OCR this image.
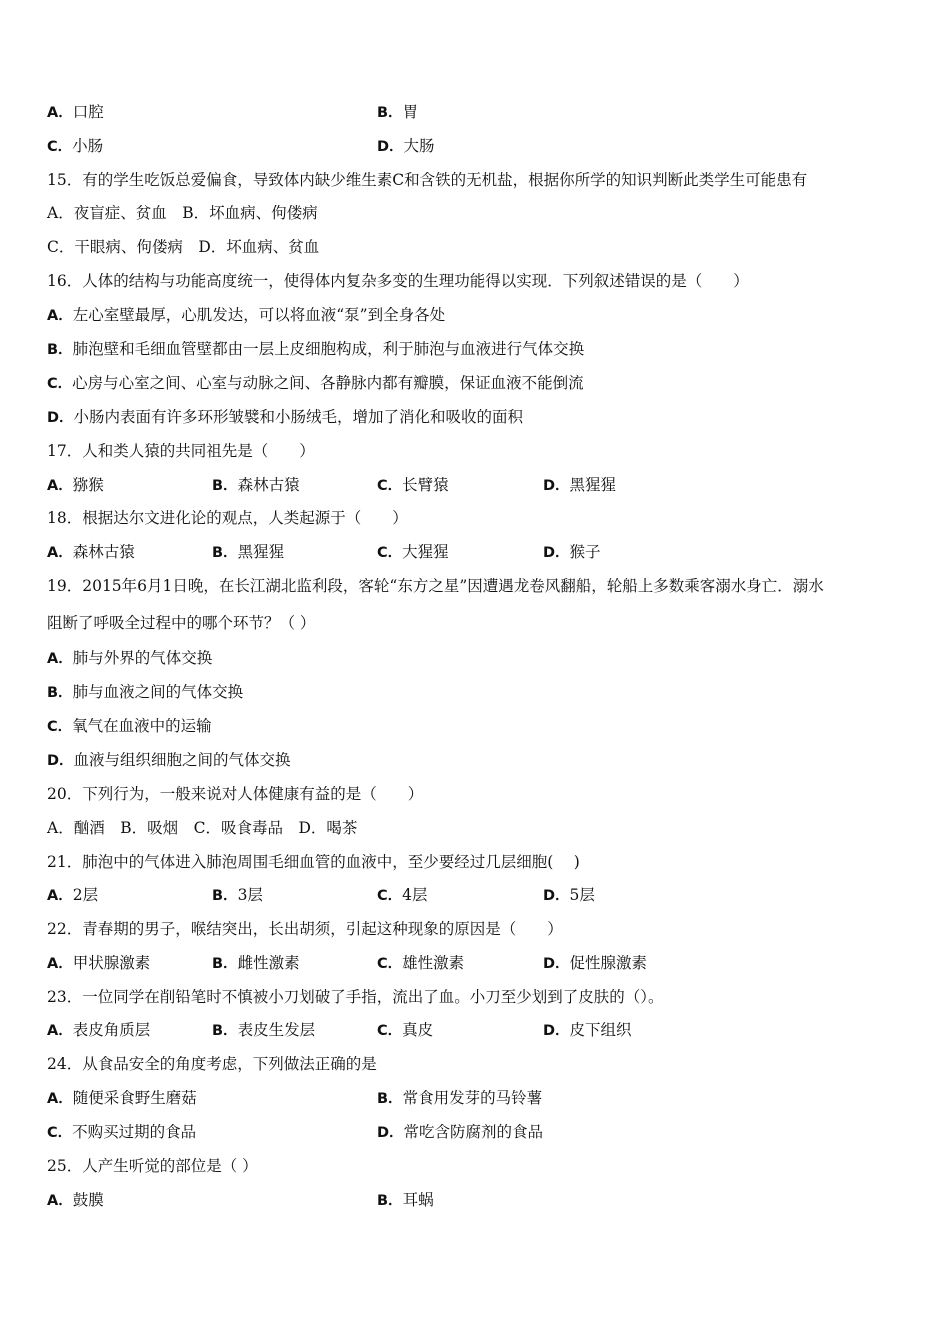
A．口腔	B．胃
C．小肠	D．大肠
15．有的学生吃饭总爱偏食，导致体内缺少维生素C和含铁的无机盐，根据你所学的知识判断此类学生可能患有
A．夜盲症、贫血　B．坏血病、佝偻病
C．干眼病、佝偻病　D．坏血病、贫血
16．人体的结构与功能高度统一，使得体内复杂多变的生理功能得以实现．下列叙述错误的是（　　）
A．左心室壁最厚，心肌发达，可以将血液“泵”到全身各处
B．肺泡壁和毛细血管壁都由一层上皮细胞构成，利于肺泡与血液进行气体交换
C．心房与心室之间、心室与动脉之间、各静脉内都有瓣膜，保证血液不能倒流
D．小肠内表面有许多环形皱襞和小肠绒毛，增加了消化和吸收的面积
17．人和类人猿的共同祖先是（　　）
A．猕猴	B．森林古猿	C．长臂猿	D．黑猩猩
18．根据达尔文进化论的观点，人类起源于（　　）
A．森林古猿	B．黑猩猩	C．大猩猩	D．猴子
19．2015年6月1日晚，在长江湖北监利段，客轮“东方之星”因遭遇龙卷风翻船，轮船上多数乘客溺水身亡．溺水
阻断了呼吸全过程中的哪个环节？（ ）
A．肺与外界的气体交换
B．肺与血液之间的气体交换
C．氧气在血液中的运输
D．血液与组织细胞之间的气体交换
20．下列行为，一般来说对人体健康有益的是（　　）
A．酗酒　B．吸烟　C．吸食毒品　D．喝茶
21．肺泡中的气体进入肺泡周围毛细血管的血液中，至少要经过几层细胞(　 )
A．2层	B．3层	C．4层	D．5层
22．青春期的男子，喉结突出，长出胡须，引起这种现象的原因是（　　）
A．甲状腺激素	B．雌性激素	C．雄性激素	D．促性腺激素
23．一位同学在削铅笔时不慎被小刀划破了手指，流出了血。小刀至少划到了皮肤的（）。
A．表皮角质层	B．表皮生发层	C．真皮	D．皮下组织
24．从食品安全的角度考虑，下列做法正确的是
A．随便采食野生磨菇	B．常食用发芽的马铃薯
C．不购买过期的食品	D．常吃含防腐剂的食品
25．人产生听觉的部位是（ ）
A．鼓膜	B．耳蜗
